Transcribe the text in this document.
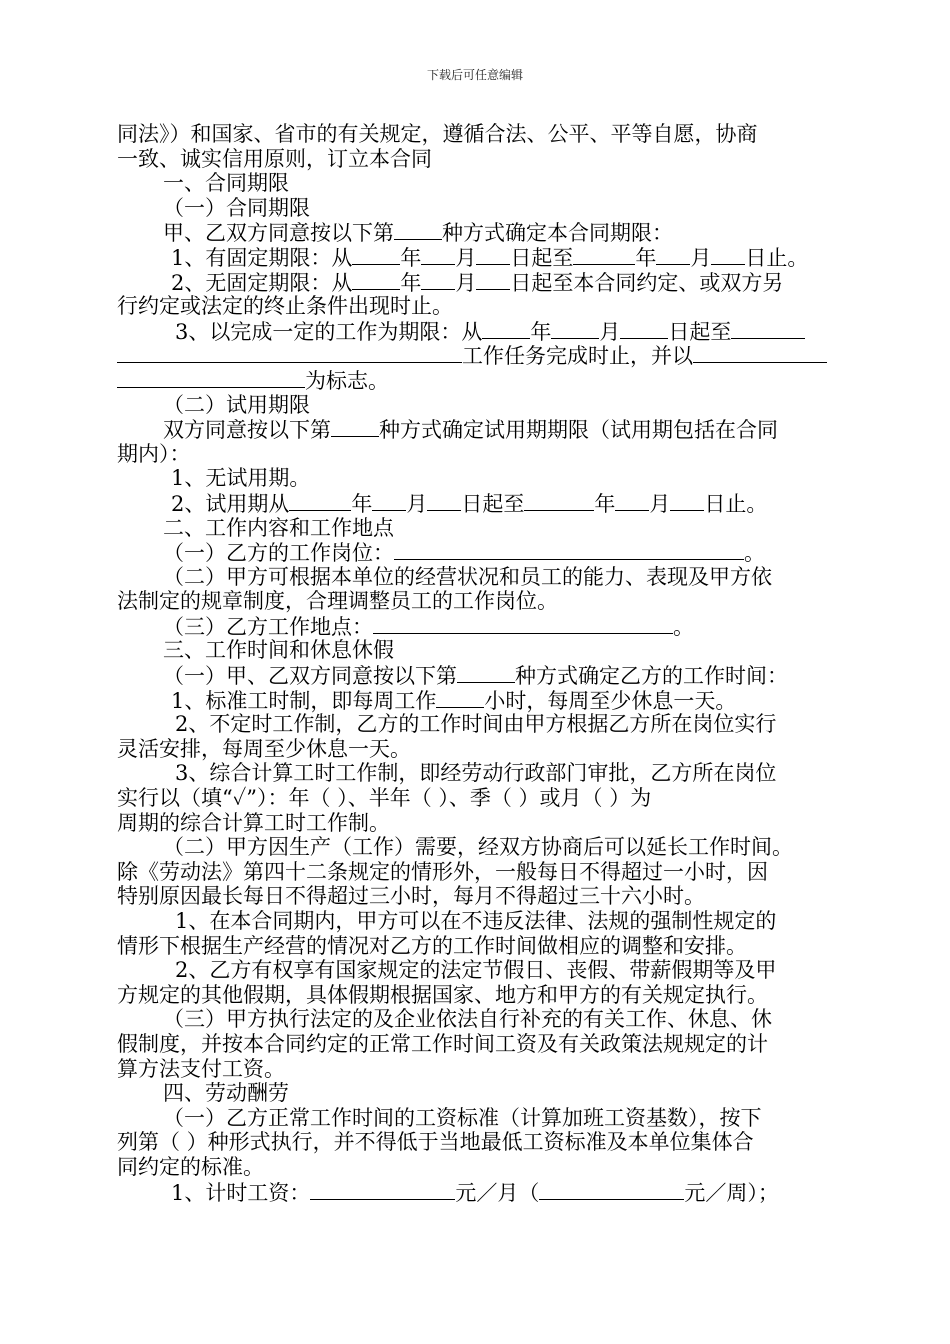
下载后可任意编辑
同法》）和国家、省市的有关规定，遵循合法、公平、平等自愿，协商
一致、诚实信用原则，订立本合同
一、合同期限
（一）合同期限
甲、乙双方同意按以下第 种方式确定本合同期限：
1、有固定期限：从 年 月 日起至	年 月 日止。
2、无固定期限：从 年 月 日起至本合同约定、或双方另
行约定或法定的终止条件出现时止。
3、以完成一定的工作为期限：从 年 月 日起至
工作任务完成时止，并以
为标志。
（二）试用期限
双方同意按以下第 种方式确定试用期期限（试用期包括在合同
期内）：
1、无试用期。
2、试用期从	年 月 日起至	年 月 日止。
二、工作内容和工作地点
（一）乙方的工作岗位：	。
（二）甲方可根据本单位的经营状况和员工的能力、表现及甲方依
法制定的规章制度，合理调整员工的工作岗位。
（三）乙方工作地点：	。
三、工作时间和休息休假
（一）甲、乙双方同意按以下第	种方式确定乙方的工作时间：
1、标准工时制，即每周工作 小时，每周至少休息一天。
2、不定时工作制，乙方的工作时间由甲方根据乙方所在岗位实行
灵活安排，每周至少休息一天。
3、综合计算工时工作制，即经劳动行政部门审批，乙方所在岗位
实行以（填“✓”）：年（ ）、半年（ ）、季（ ）或月（ ）为
周期的综合计算工时工作制。
（二）甲方因生产（工作）需要，经双方协商后可以延长工作时间。
除《劳动法》第四十二条规定的情形外，一般每日不得超过一小时，因
特别原因最长每日不得超过三小时，每月不得超过三十六小时。
1、在本合同期内，甲方可以在不违反法律、法规的强制性规定的
情形下根据生产经营的情况对乙方的工作时间做相应的调整和安排。
2、乙方有权享有国家规定的法定节假日、丧假、带薪假期等及甲
方规定的其他假期，具体假期根据国家、地方和甲方的有关规定执行。
（三）甲方执行法定的及企业依法自行补充的有关工作、休息、休
假制度，并按本合同约定的正常工作时间工资及有关政策法规规定的计
算方法支付工资。
四、劳动酬劳
（一）乙方正常工作时间的工资标准（计算加班工资基数），按下
列第（ ）种形式执行，并不得低于当地最低工资标准及本单位集体合
同约定的标准。
1、计时工资：	元／月（	元／周）；
